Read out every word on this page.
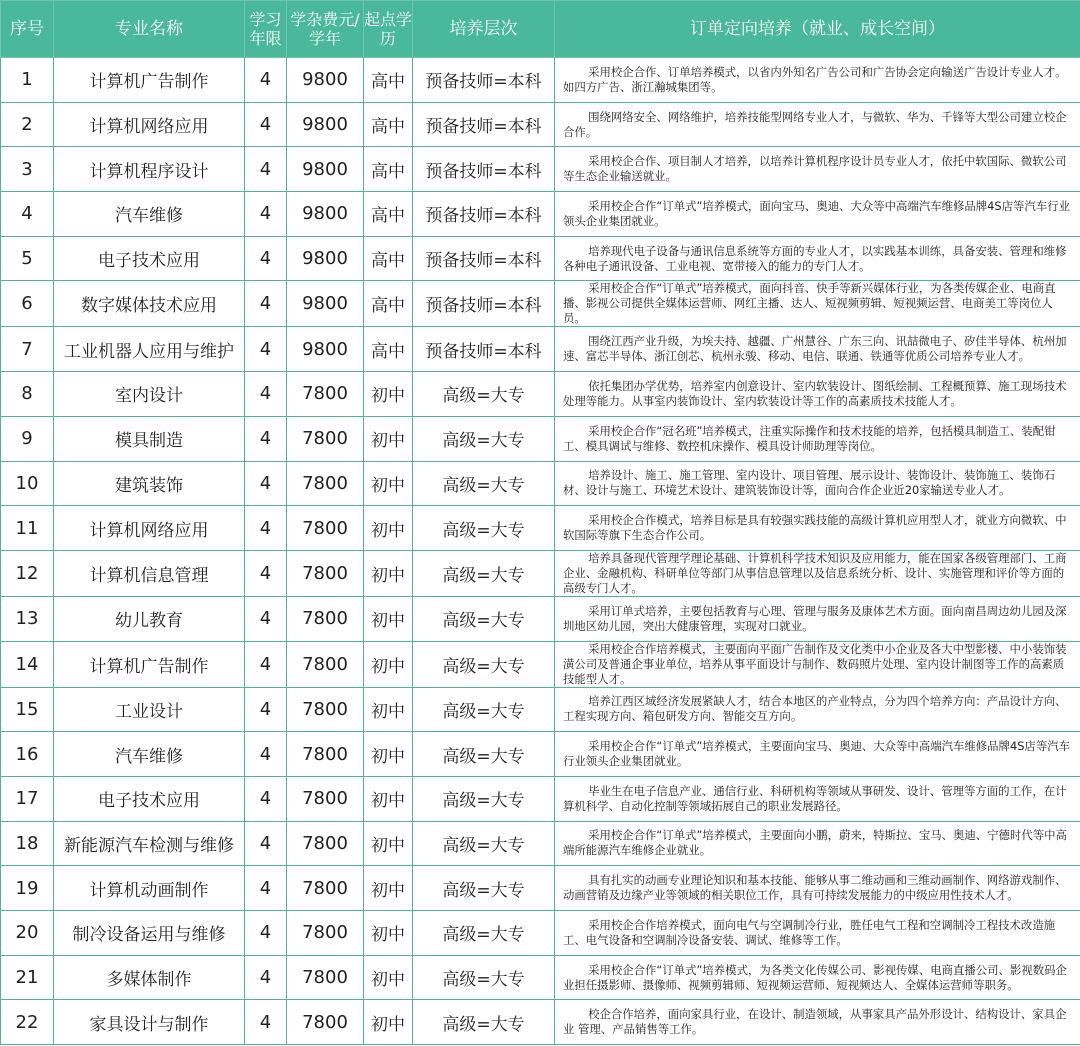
序号	专业名称	学习年限	学杂费元/学年	起点学历	培养层次	订单定向培养（就业、成长空间）
1	计算机广告制作	4	9800	高中	预备技师=本科	采用校企合作、订单培养模式，以省内外知名广告公司和广告协会定向输送广告设计专业人才。如四方广告、浙江瀚城集团等。

2	计算机网络应用	4	9800	高中	预备技师=本科	围绕网络安全、网络维护，培养技能型网络专业人才，与微软、华为、千锋等大型公司建立校企合作。

3	计算机程序设计	4	9800	高中	预备技师=本科	采用校企合作、项目制人才培养，以培养计算机程序设计员专业人才，依托中软国际、微软公司等生态企业输送就业。

4	汽车维修	4	9800	高中	预备技师=本科	采用校企合作“订单式”培养模式，面向宝马、奥迪、大众等中高端汽车维修品牌4S店等汽车行业领头企业集团就业。

5	电子技术应用	4	9800	高中	预备技师=本科	培养现代电子设备与通讯信息系统等方面的专业人才，以实践基本训练，具备安装、管理和维修各种电子通讯设备、工业电视、宽带接入的能力的专门人才。

6	数字媒体技术应用	4	9800	高中	预备技师=本科	采用校企合作“订单式”培养模式，面向抖音、快手等新兴媒体行业，为各类传媒企业、电商直播、影视公司提供全媒体运营师、网红主播、达人、短视频剪辑、短视频运营、电商美工等岗位人员。

7	工业机器人应用与维护	4	9800	高中	预备技师=本科	围绕江西产业升级，为埃夫持、越疆、广州慧谷、广东三向、讯喆微电子、矽佳半导体、杭州加速、富芯半导体、浙江创芯、杭州永骏、移动、电信、联通、铁通等优质公司培养专业人才。

8	室内设计	4	7800	初中	高级=大专	依托集团办学优势，培养室内创意设计、室内软装设计、图纸绘制、工程概预算、施工现场技术处理等能力。从事室内装饰设计、室内软装设计等工作的高素质技术技能人才。

9	模具制造	4	7800	初中	高级=大专	采用校企合作“冠名班”培养模式，注重实际操作和技术技能的培养，包括模具制造工、装配钳工、模具调试与维修、数控机床操作、模具设计师助理等岗位。

10	建筑装饰	4	7800	初中	高级=大专	培养设计、施工、施工管理、室内设计、项目管理、展示设计、装饰设计、装饰施工、装饰石材、设计与施工、环境艺术设计、建筑装饰设计等，面向合作企业近20家输送专业人才。

11	计算机网络应用	4	7800	初中	高级=大专	采用校企合作模式，培养目标是具有较强实践技能的高级计算机应用型人才，就业方向微软、中软国际等旗下生态合作公司。

12	计算机信息管理	4	7800	初中	高级=大专	培养具备现代管理学理论基础、计算机科学技术知识及应用能力，能在国家各级管理部门、工商企业、金融机构、科研单位等部门从事信息管理以及信息系统分析、设计、实施管理和评价等方面的高级专门人才。

13	幼儿教育	4	7800	初中	高级=大专	采用订单式培养，主要包括教育与心理、管理与服务及康体艺术方面。面向南昌周边幼儿园及深圳地区幼儿园，突出大健康管理，实现对口就业。

14	计算机广告制作	4	7800	初中	高级=大专	采用校企合作培养模式，主要面向平面广告制作及文化类中小企业及各大中型影楼、中小装饰装潢公司及普通企事业单位，培养从事平面设计与制作、数码照片处理、室内设计制图等工作的高素质技能型人才。

15	工业设计	4	7800	初中	高级=大专	培养江西区域经济发展紧缺人才，结合本地区的产业特点，分为四个培养方向：产品设计方向、工程实现方向、箱包研发方向、智能交互方向。

16	汽车维修	4	7800	初中	高级=大专	采用校企合作“订单式”培养模式，主要面向宝马、奥迪、大众等中高端汽车维修品牌4S店等汽车行业领头企业集团就业。

17	电子技术应用	4	7800	初中	高级=大专	毕业生在电子信息产业、通信行业、科研机构等领域从事研发、设计、管理等方面的工作，在计算机科学、自动化控制等领域拓展自己的职业发展路径。

18	新能源汽车检测与维修	4	7800	初中	高级=大专	采用校企合作“订单式”培养模式，主要面向小鹏，蔚来，特斯拉、宝马、奥迪、宁德时代等中高端所能源汽车维修企业就业。

19	计算机动画制作	4	7800	初中	高级=大专	具有扎实的动画专业理论知识和基本技能、能够从事二维动画和三维动画制作、网络游戏制作、动画营销及边缘产业等领域的相关职位工作，具有可持续发展能力的中级应用性技术人才。

20	制冷设备运用与维修	4	7800	初中	高级=大专	采用校企合作培养模式，面向电气与空调制冷行业，胜任电气工程和空调制冷工程技术改造施工、电气设备和空调制冷设备安装、调试、维修等工作。

21	多媒体制作	4	7800	初中	高级=大专	采用校企合作“订单式”培养模式，为各类文化传媒公司、影视传媒、电商直播公司、影视数码企业担任摄影师、摄像师、视频剪辑师、短视频运营师、短视频达人、全媒体运营师等职务。

22	家具设计与制作	4	7800	初中	高级=大专	校企合作培养，面向家具行业，在设计、制造领域，从事家具产品外形设计、结构设计、家具企业 管理、产品销售等工作。
